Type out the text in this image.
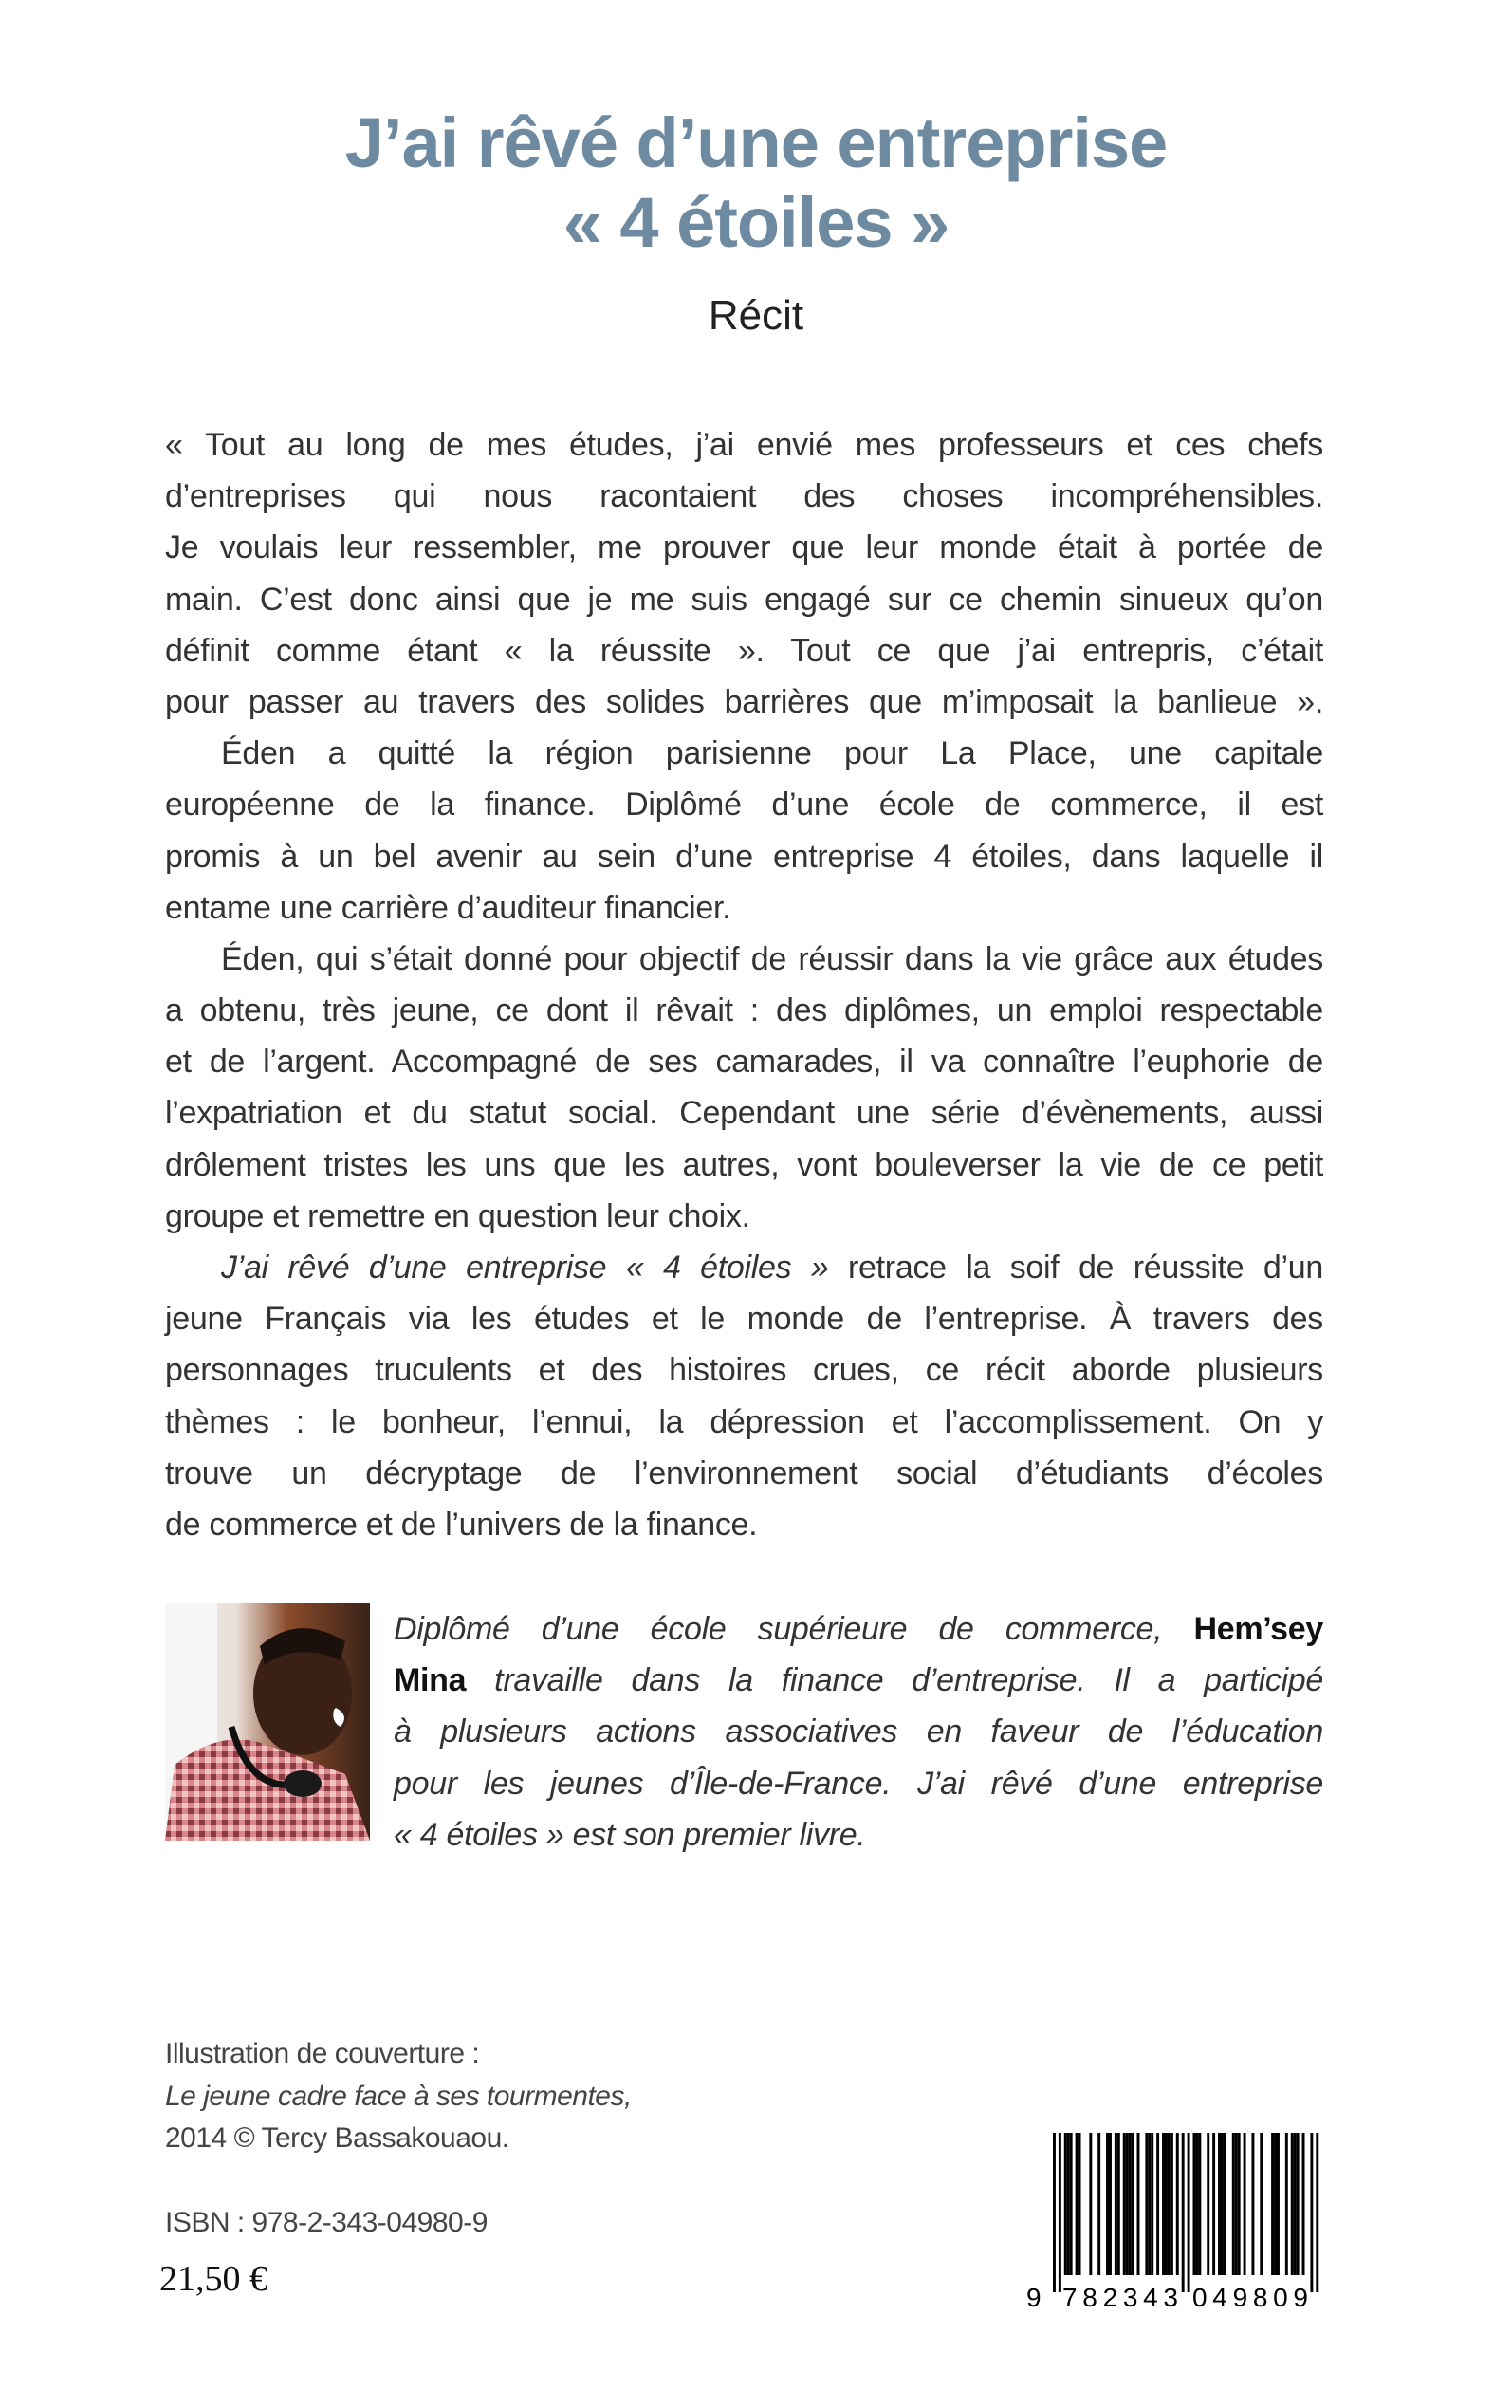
J’ai rêvé d’une entreprise
« 4 étoiles »
Récit
« Tout au long de mes études, j’ai envié mes professeurs et ces chefs
d’entreprises qui nous racontaient des choses incompréhensibles.
Je voulais leur ressembler, me prouver que leur monde était à portée de
main. C’est donc ainsi que je me suis engagé sur ce chemin sinueux qu’on
définit comme étant « la réussite ». Tout ce que j’ai entrepris, c’était
pour passer au travers des solides barrières que m’imposait la banlieue ».
Éden a quitté la région parisienne pour La Place, une capitale
européenne de la finance. Diplômé d’une école de commerce, il est
promis à un bel avenir au sein d’une entreprise 4 étoiles, dans laquelle il
entame une carrière d’auditeur financier.
Éden, qui s’était donné pour objectif de réussir dans la vie grâce aux études
a obtenu, très jeune, ce dont il rêvait : des diplômes, un emploi respectable
et de l’argent. Accompagné de ses camarades, il va connaître l’euphorie de
l’expatriation et du statut social. Cependant une série d’évènements, aussi
drôlement tristes les uns que les autres, vont bouleverser la vie de ce petit
groupe et remettre en question leur choix.
J’ai rêvé d’une entreprise « 4 étoiles » retrace la soif de réussite d’un
jeune Français via les études et le monde de l’entreprise. À travers des
personnages truculents et des histoires crues, ce récit aborde plusieurs
thèmes : le bonheur, l’ennui, la dépression et l’accomplissement. On y
trouve un décryptage de l’environnement social d’étudiants d’écoles
de commerce et de l’univers de la finance.
Diplômé d’une école supérieure de commerce, Hem’sey
Mina travaille dans la finance d’entreprise. Il a participé
à plusieurs actions associatives en faveur de l’éducation
pour les jeunes d’Île-de-France. J’ai rêvé d’une entreprise
« 4 étoiles » est son premier livre.
Illustration de couverture :
Le jeune cadre face à ses tourmentes,
2014 © Tercy Bassakouaou.
ISBN : 978-2-343-04980-9
21,50 €	9 782343 049809
